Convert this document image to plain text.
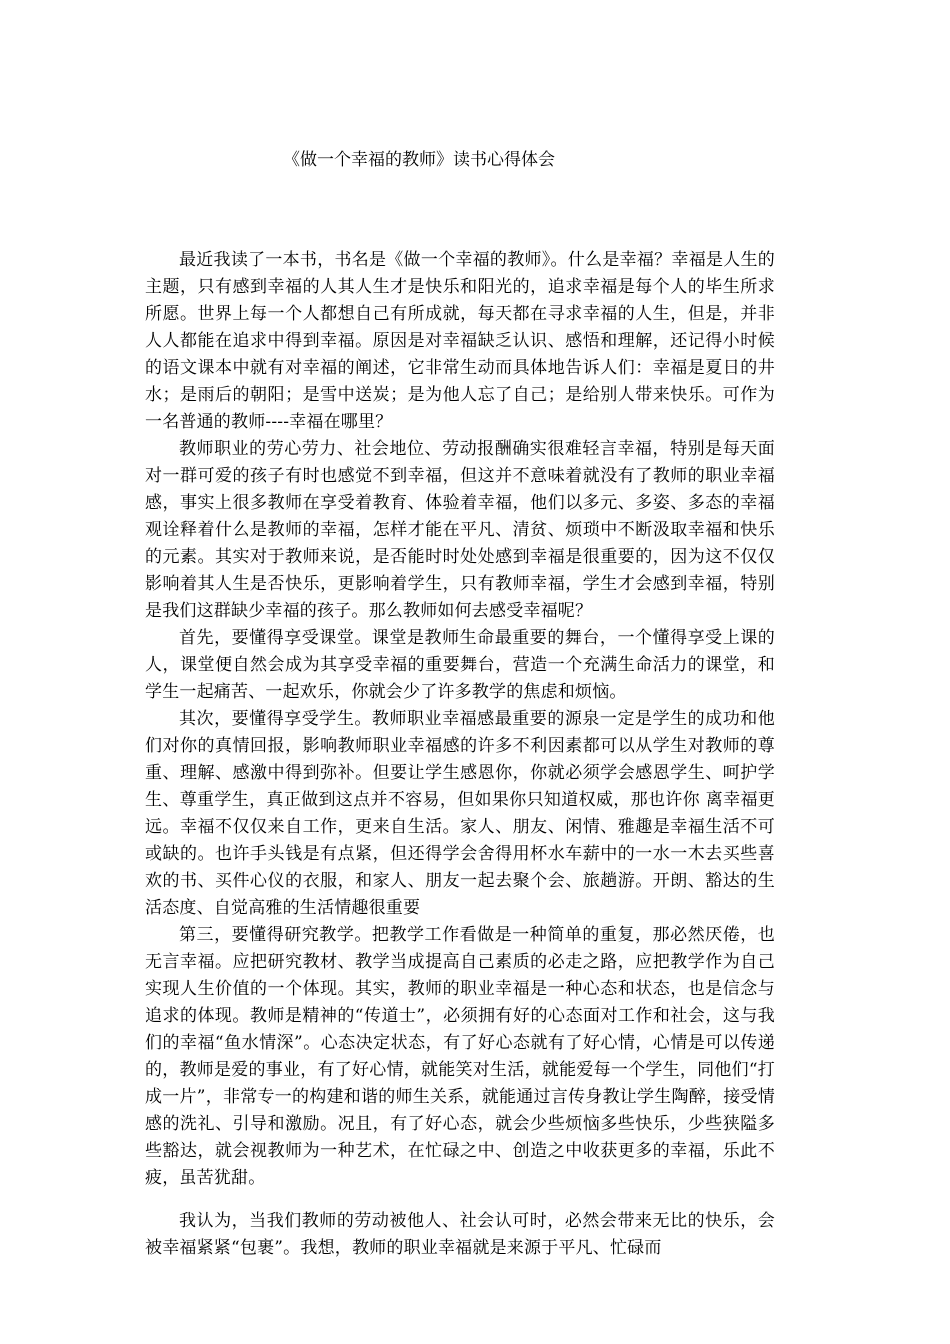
《做一个幸福的教师》读书心得体会

最近我读了一本书，书名是《做一个幸福的教师》。什么是幸福？幸福是人生的主题，只有感到幸福的人其人生才是快乐和阳光的，追求幸福是每个人的毕生所求所愿。世界上每一个人都想自己有所成就，每天都在寻求幸福的人生，但是，并非人人都能在追求中得到幸福。原因是对幸福缺乏认识、感悟和理解，还记得小时候的语文课本中就有对幸福的阐述，它非常生动而具体地告诉人们：幸福是夏日的井水；是雨后的朝阳；是雪中送炭；是为他人忘了自己；是给别人带来快乐。可作为一名普通的教师----幸福在哪里？

教师职业的劳心劳力、社会地位、劳动报酬确实很难轻言幸福，特别是每天面对一群可爱的孩子有时也感觉不到幸福，但这并不意味着就没有了教师的职业幸福感，事实上很多教师在享受着教育、体验着幸福，他们以多元、多姿、多态的幸福观诠释着什么是教师的幸福，怎样才能在平凡、清贫、烦琐中不断汲取幸福和快乐的元素。其实对于教师来说，是否能时时处处感到幸福是很重要的，因为这不仅仅影响着其人生是否快乐，更影响着学生，只有教师幸福，学生才会感到幸福，特别是我们这群缺少幸福的孩子。那么教师如何去感受幸福呢？

首先，要懂得享受课堂。课堂是教师生命最重要的舞台，一个懂得享受上课的人，课堂便自然会成为其享受幸福的重要舞台，营造一个充满生命活力的课堂，和学生一起痛苦、一起欢乐，你就会少了许多教学的焦虑和烦恼。

其次，要懂得享受学生。教师职业幸福感最重要的源泉一定是学生的成功和他们对你的真情回报，影响教师职业幸福感的许多不利因素都可以从学生对教师的尊重、理解、感激中得到弥补。但要让学生感恩你，你就必须学会感恩学生、呵护学生、尊重学生，真正做到这点并不容易，但如果你只知道权威，那也许你 离幸福更远。幸福不仅仅来自工作，更来自生活。家人、朋友、闲情、雅趣是幸福生活不可或缺的。也许手头钱是有点紧，但还得学会舍得用杯水车薪中的一水一木去买些喜欢的书、买件心仪的衣服，和家人、朋友一起去聚个会、旅趟游。开朗、豁达的生活态度、自觉高雅的生活情趣很重要

第三，要懂得研究教学。把教学工作看做是一种简单的重复，那必然厌倦，也无言幸福。应把研究教材、教学当成提高自己素质的必走之路，应把教学作为自己实现人生价值的一个体现。其实，教师的职业幸福是一种心态和状态，也是信念与追求的体现。教师是精神的“传道士”，必须拥有好的心态面对工作和社会，这与我们的幸福“鱼水情深”。心态决定状态，有了好心态就有了好心情，心情是可以传递的，教师是爱的事业，有了好心情，就能笑对生活，就能爱每一个学生，同他们“打成一片”，非常专一的构建和谐的师生关系，就能通过言传身教让学生陶醉，接受情感的洗礼、引导和激励。况且，有了好心态，就会少些烦恼多些快乐，少些狭隘多些豁达，就会视教师为一种艺术，在忙碌之中、创造之中收获更多的幸福，乐此不疲，虽苦犹甜。

我认为，当我们教师的劳动被他人、社会认可时，必然会带来无比的快乐，会被幸福紧紧“包裹”。我想，教师的职业幸福就是来源于平凡、忙碌而
